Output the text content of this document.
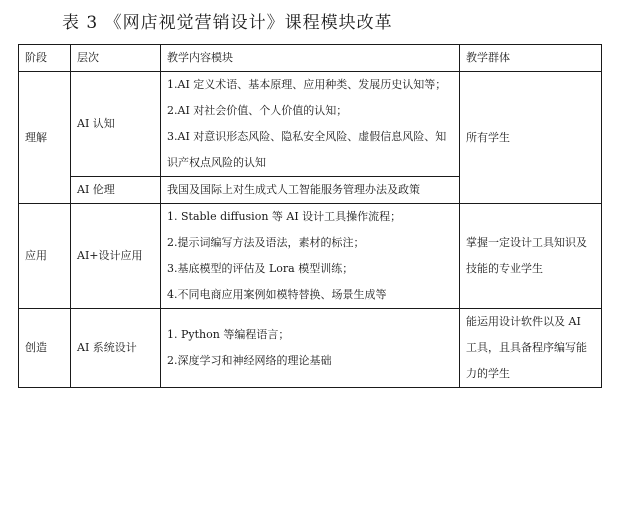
表 3 《网店视觉营销设计》课程模块改革
阶段	层次	教学内容模块	教学群体
理解	AI 认知	1.AI 定义术语、基本原理、应用种类、发展历史认知等；
2.AI 对社会价值、个人价值的认知；
3.AI 对意识形态风险、隐私安全风险、虚假信息风险、知识产权点风险的认知	所有学生
	AI 伦理	我国及国际上对生成式人工智能服务管理办法及政策	

应用	AI+设计应用	1. Stable diffusion 等 AI 设计工具操作流程；
2.提示词编写方法及语法，素材的标注；
3.基底模型的评估及 Lora 模型训练；
4.不同电商应用案例如模特替换、场景生成等	掌握一定设计工具知识及技能的专业学生
创造	AI 系统设计	1. Python 等编程语言；
2.深度学习和神经网络的理论基础	能运用设计软件以及 AI 工具，且具备程序编写能力的学生
